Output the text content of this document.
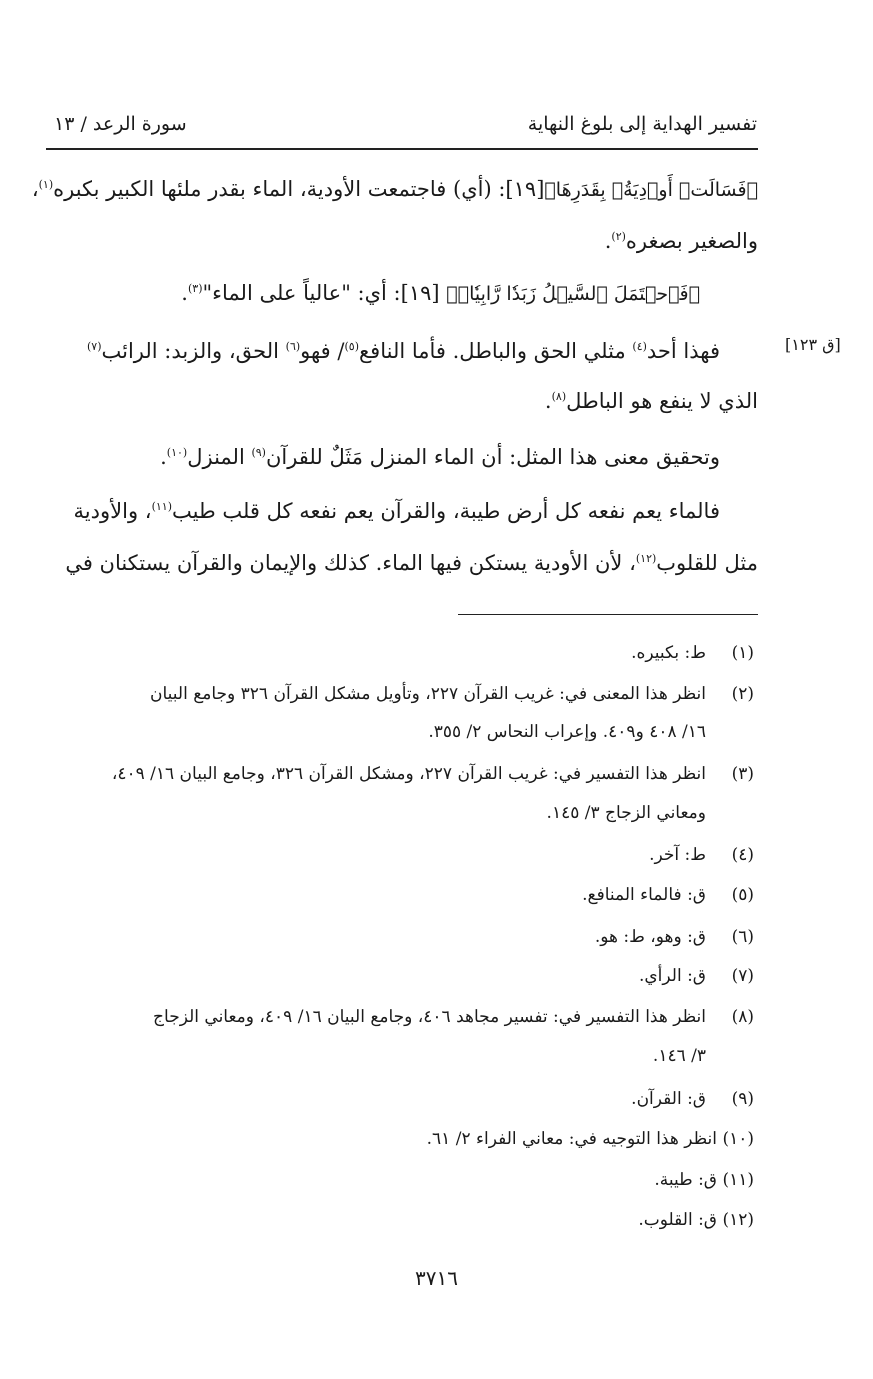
تفسير الهداية إلى بلوغ النهاية
سورة الرعد / ١٣
[ق ١٢٣]
﴿فَسَالَتۡ أَوۡدِيَةُۢ بِقَدَرِهَا﴾[١٩]: (أي) فاجتمعت الأودية، الماء بقدر ملئها الكبير بكبره$^{(١)}$،
والصغير بصغره$^{(٢)}$.
﴿فَٱحۡتَمَلَ ٱلسَّيۡلُ زَبَدٗا رَّابِيٗاۖ﴾ [١٩]: أي: "عالياً على الماء"$^{(٣)}$.
فهذا أحد$^{(٤)}$ مثلي الحق والباطل. فأما النافع$^{(٥)}$/ فهو$^{(٦)}$ الحق، والزبد: الرائب$^{(٧)}$
الذي لا ينفع هو الباطل$^{(٨)}$.
وتحقيق معنى هذا المثل: أن الماء المنزل مَثَلٌ للقرآن$^{(٩)}$ المنزل$^{(١٠)}$.
فالماء يعم نفعه كل أرض طيبة، والقرآن يعم نفعه كل قلب طيب$^{(١١)}$، والأودية
مثل للقلوب$^{(١٢)}$، لأن الأودية يستكن فيها الماء. كذلك والإيمان والقرآن يستكنان في
(١)
ط: بكبيره.
(٢)
انظر هذا المعنى في: غريب القرآن ٢٢٧، وتأويل مشكل القرآن ٣٢٦ وجامع البيان
١٦/ ٤٠٨ و٤٠٩. وإعراب النحاس ٢/ ٣٥٥.
(٣)
انظر هذا التفسير في: غريب القرآن ٢٢٧، ومشكل القرآن ٣٢٦، وجامع البيان ١٦/ ٤٠٩،
ومعاني الزجاج ٣/ ١٤٥.
(٤)
ط: آخر.
(٥)
ق: فالماء المنافع.
(٦)
ق: وهو، ط: هو.
(٧)
ق: الرأي.
(٨)
انظر هذا التفسير في: تفسير مجاهد ٤٠٦، وجامع البيان ١٦/ ٤٠٩، ومعاني الزجاج
٣/ ١٤٦.
(٩)
ق: القرآن.
(١٠)
انظر هذا التوجيه في: معاني الفراء ٢/ ٦١.
(١١)
ق: طيبة.
(١٢)
ق: القلوب.
٣٧١٦
